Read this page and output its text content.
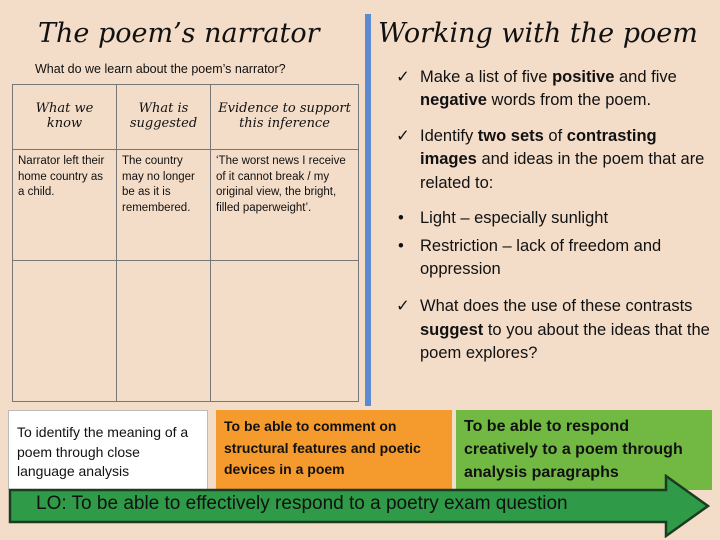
The poem’s narrator
What do we learn about the poem’s narrator?
What we know	What is suggested	Evidence to support this inference
Narrator left their home country as a child.	The country may no longer be as it is remembered.	‘The worst news I receive of it cannot break / my original view, the bright, filled paperweight’.

Working with the poem
✓ Make a list of five positive and five negative words from the poem.
✓ Identify two sets of contrasting images and ideas in the poem that are related to:
• Light – especially sunlight
• Restriction – lack of freedom and oppression
✓ What does the use of these contrasts suggest to you about the ideas that the poem explores?
To identify the meaning of a poem through close language analysis
To be able to comment on structural features and poetic devices in a poem
To be able to respond creatively to a poem through analysis paragraphs
LO: To be able to effectively respond to a poetry exam question
